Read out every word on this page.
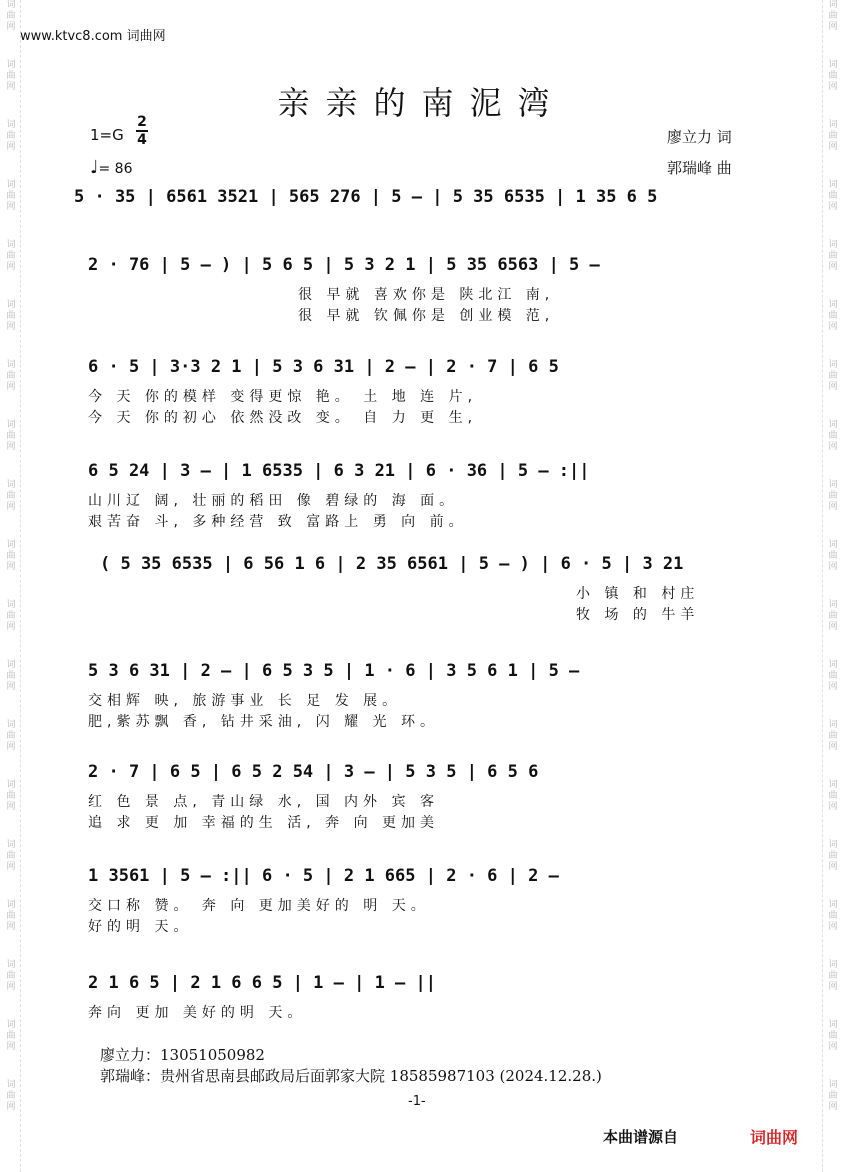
词曲网
词曲网
词曲网
词曲网
词曲网
词曲网
词曲网
词曲网
词曲网
词曲网
词曲网
词曲网
词曲网
词曲网
词曲网
词曲网
词曲网
词曲网
词曲网
词曲网
词曲网
词曲网
词曲网
词曲网
词曲网
词曲网
词曲网
词曲网
词曲网
词曲网
词曲网
词曲网
词曲网
词曲网
词曲网
词曲网
词曲网
词曲网
www.ktvc8.com 词曲网
亲亲的南泥湾
1=G
2
4
♩= 86
廖立力 词
郭瑞峰 曲
5 · 35 | 6561 3521 | 565 276 | 5 – | 5 35 6535 | 1 35 6 5
2 · 76 | 5 – ) | 5 6 5 | 5 3 2 1 | 5 35 6563 | 5 –
很 早就 喜欢你是 陕北江 南,
很 早就 钦佩你是 创业模 范,
6 · 5 | 3·3 2 1 | 5 3 6 31 | 2 – | 2 · 7 | 6 5
今 天 你的模样 变得更惊 艳。 土 地 连 片,
今 天 你的初心 依然没改 变。 自 力 更 生,
6 5 24 | 3 – | 1 6535 | 6 3 21 | 6 · 36 | 5 – :||
山川辽 阔, 壮丽的稻田 像 碧绿的 海 面。
艰苦奋 斗, 多种经营 致 富路上 勇 向 前。
( 5 35 6535 | 6 56 1 6 | 2 35 6561 | 5 – ) | 6 · 5 | 3 21
小 镇 和 村庄
牧 场 的 牛羊
5 3 6 31 | 2 – | 6 5 3 5 | 1 · 6 | 3 5 6 1 | 5 –
交相辉 映, 旅游事业 长 足 发 展。
肥,紫苏飘 香, 钻井采油, 闪 耀 光 环。
2 · 7 | 6 5 | 6 5 2 54 | 3 – | 5 3 5 | 6 5 6
红 色 景 点, 青山绿 水, 国 内外 宾 客
追 求 更 加 幸福的生 活, 奔 向 更加美
1 3561 | 5 – :|| 6 · 5 | 2 1 665 | 2 · 6 | 2 –
交口称 赞。 奔 向 更加美好的 明 天。
好的明 天。
2 1 6 5 | 2 1 6 6 5 | 1 – | 1 – ||
奔向 更加 美好的明 天。
廖立力：13051050982
郭瑞峰：贵州省思南县邮政局后面郭家大院 18585987103 (2024.12.28.)
-1-
本曲谱源自	词曲网
